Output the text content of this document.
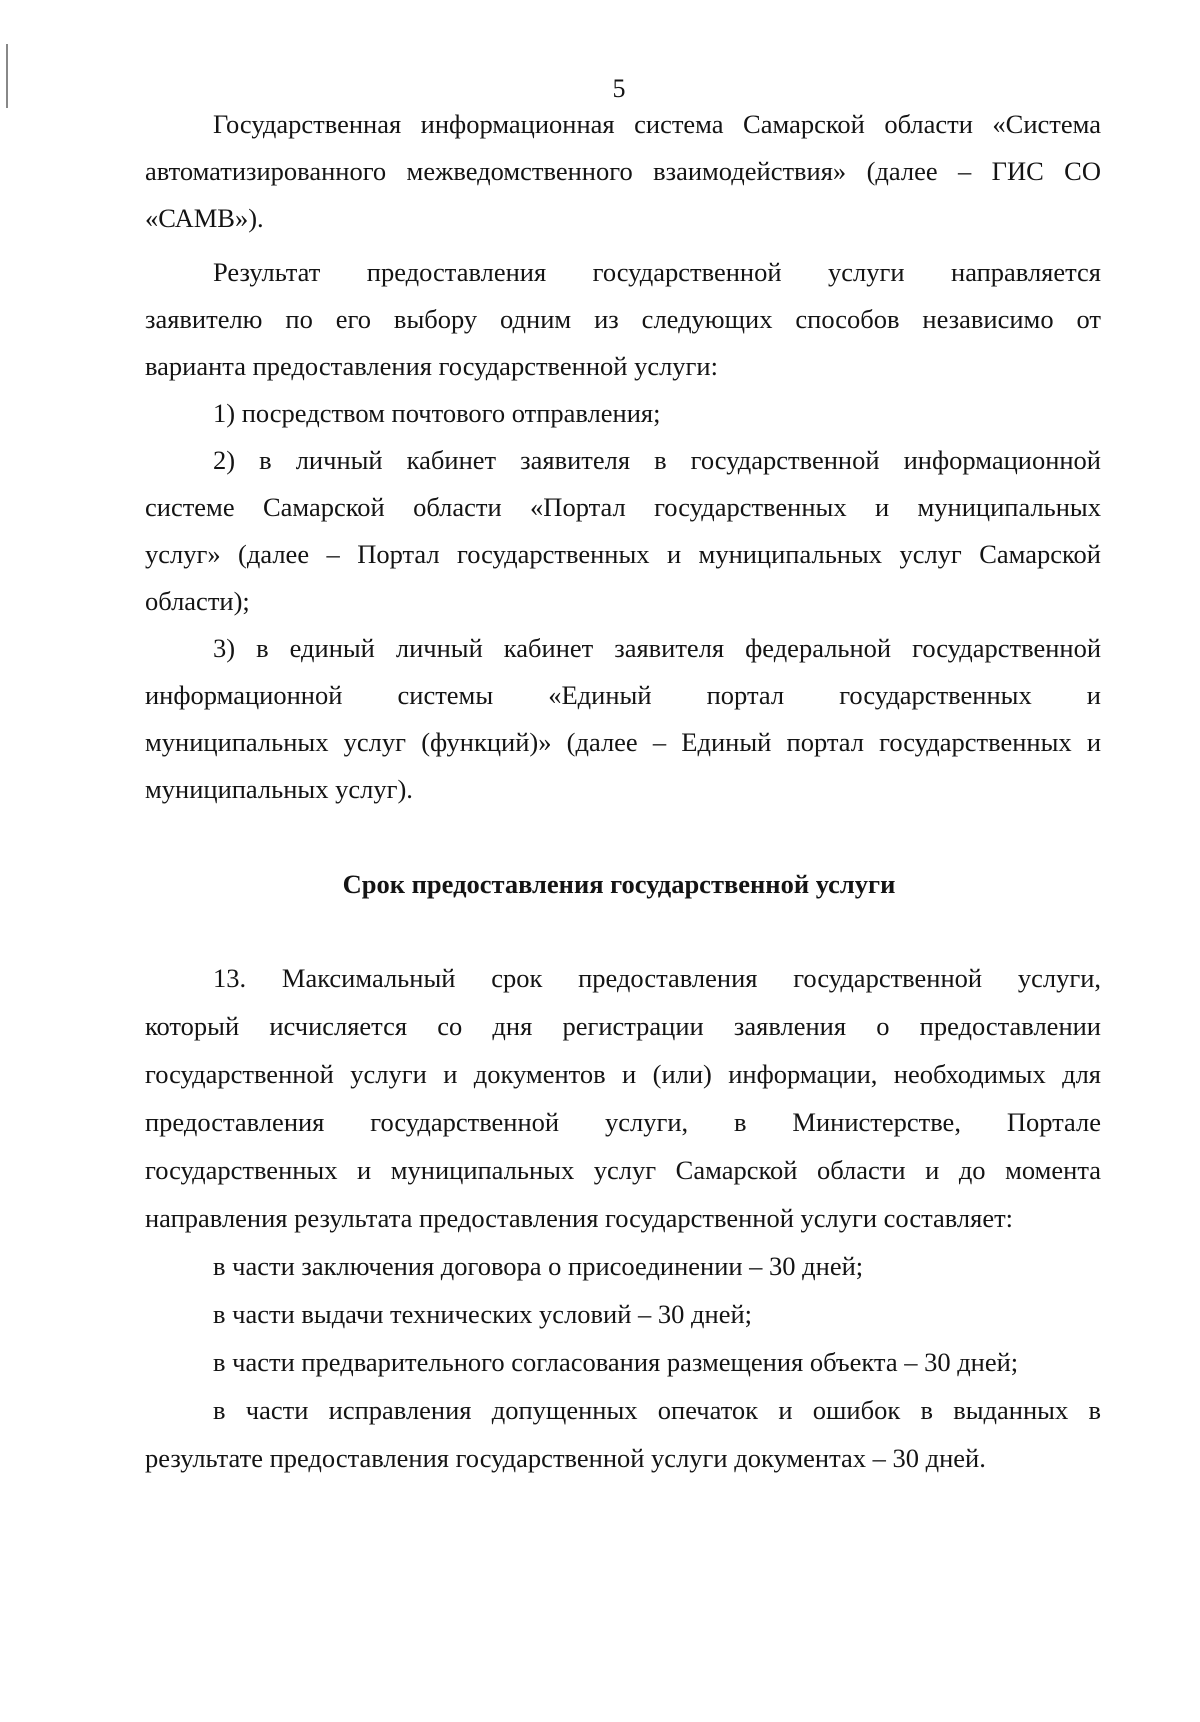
5
Государственная информационная система Самарской области «Система
автоматизированного межведомственного взаимодействия» (далее – ГИС СО
«САМВ»).
Результат предоставления государственной услуги направляется
заявителю по его выбору одним из следующих способов независимо от
варианта предоставления государственной услуги:
1) посредством почтового отправления;
2) в личный кабинет заявителя в государственной информационной
системе Самарской области «Портал государственных и муниципальных
услуг» (далее – Портал государственных и муниципальных услуг Самарской
области);
3) в единый личный кабинет заявителя федеральной государственной
информационной системы «Единый портал государственных и
муниципальных услуг (функций)» (далее – Единый портал государственных и
муниципальных услуг).
Срок предоставления государственной услуги
13. Максимальный срок предоставления государственной услуги,
который исчисляется со дня регистрации заявления о предоставлении
государственной услуги и документов и (или) информации, необходимых для
предоставления государственной услуги, в Министерстве, Портале
государственных и муниципальных услуг Самарской области и до момента
направления результата предоставления государственной услуги составляет:
в части заключения договора о присоединении – 30 дней;
в части выдачи технических условий – 30 дней;
в части предварительного согласования размещения объекта – 30 дней;
в части исправления допущенных опечаток и ошибок в выданных в
результате предоставления государственной услуги документах – 30 дней.
